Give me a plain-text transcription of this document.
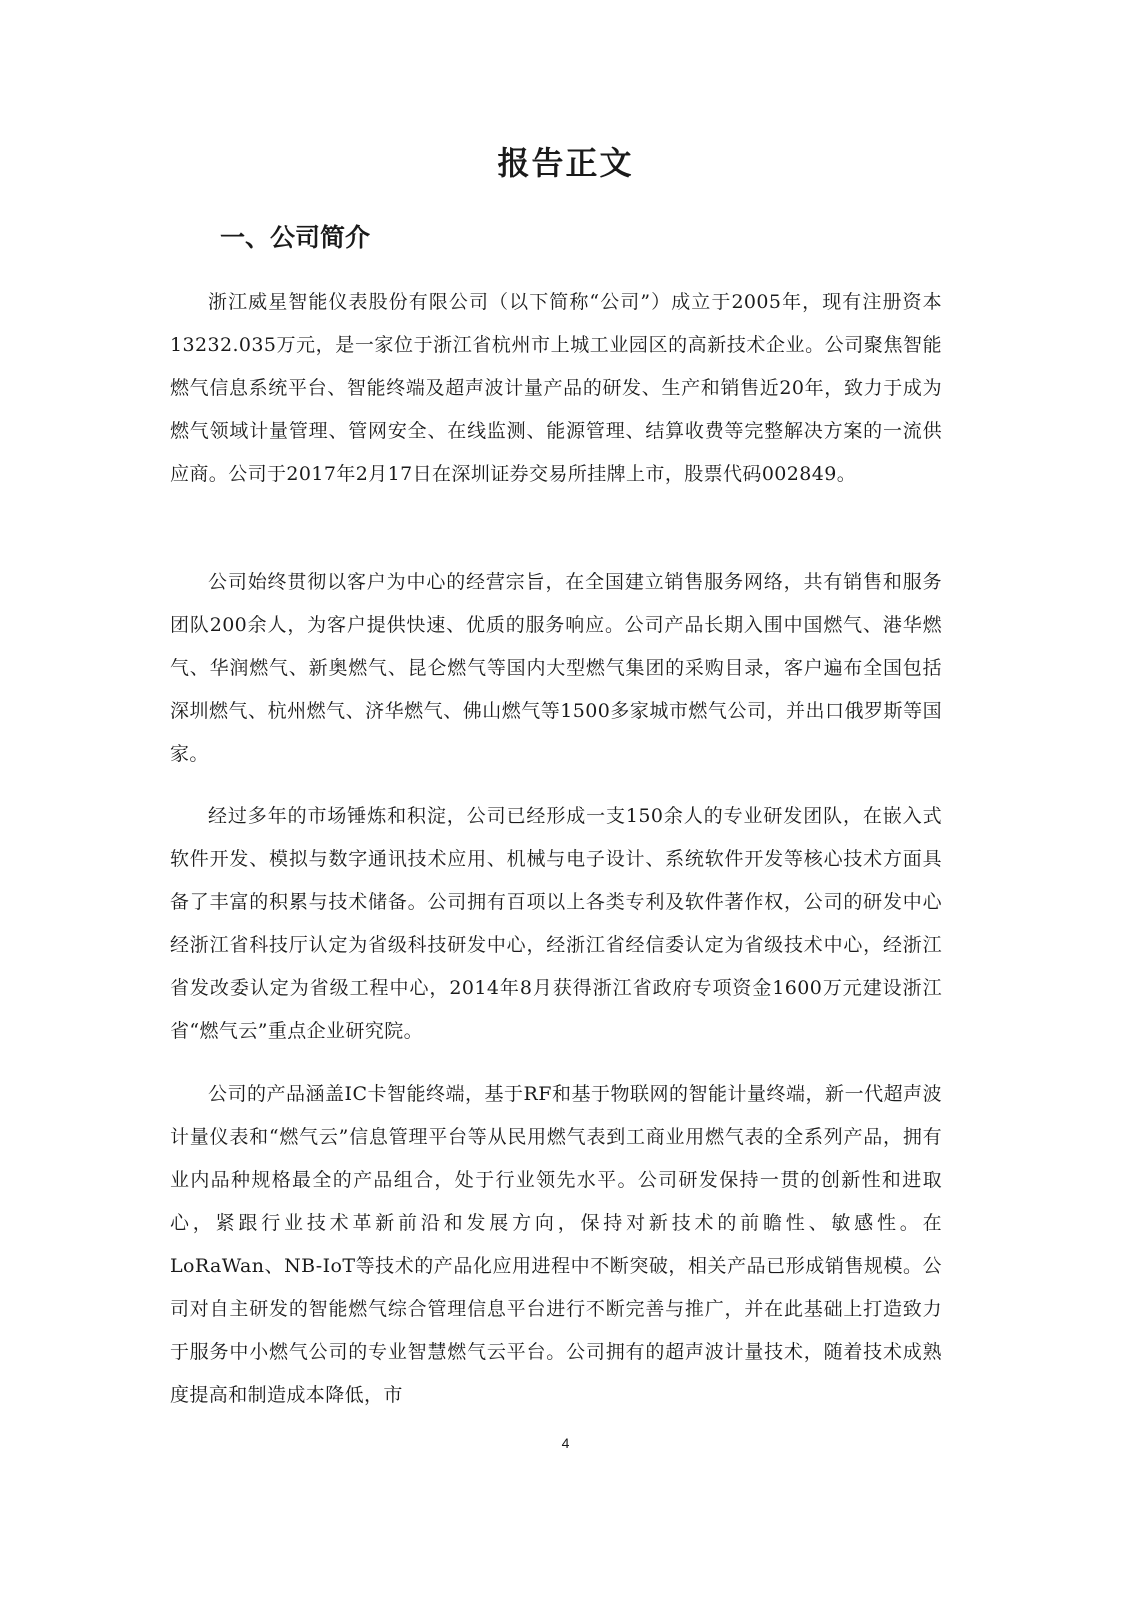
报告正文
一、公司简介

浙江威星智能仪表股份有限公司（以下简称“公司”）成立于2005年，现有注册资本13232.035万元，是一家位于浙江省杭州市上城工业园区的高新技术企业。公司聚焦智能燃气信息系统平台、智能终端及超声波计量产品的研发、生产和销售近20年，致力于成为燃气领域计量管理、管网安全、在线监测、能源管理、结算收费等完整解决方案的一流供应商。公司于2017年2月17日在深圳证券交易所挂牌上市，股票代码002849。

公司始终贯彻以客户为中心的经营宗旨，在全国建立销售服务网络，共有销售和服务团队200余人，为客户提供快速、优质的服务响应。公司产品长期入围中国燃气、港华燃气、华润燃气、新奥燃气、昆仑燃气等国内大型燃气集团的采购目录，客户遍布全国包括深圳燃气、杭州燃气、济华燃气、佛山燃气等1500多家城市燃气公司，并出口俄罗斯等国家。

经过多年的市场锤炼和积淀，公司已经形成一支150余人的专业研发团队，在嵌入式软件开发、模拟与数字通讯技术应用、机械与电子设计、系统软件开发等核心技术方面具备了丰富的积累与技术储备。公司拥有百项以上各类专利及软件著作权，公司的研发中心经浙江省科技厅认定为省级科技研发中心，经浙江省经信委认定为省级技术中心，经浙江省发改委认定为省级工程中心，2014年8月获得浙江省政府专项资金1600万元建设浙江省“燃气云”重点企业研究院。

公司的产品涵盖IC卡智能终端，基于RF和基于物联网的智能计量终端，新一代超声波计量仪表和“燃气云”信息管理平台等从民用燃气表到工商业用燃气表的全系列产品，拥有业内品种规格最全的产品组合，处于行业领先水平。公司研发保持一贯的创新性和进取心，紧跟行业技术革新前沿和发展方向，保持对新技术的前瞻性、敏感性。在LoRaWan、NB-IoT等技术的产品化应用进程中不断突破，相关产品已形成销售规模。公司对自主研发的智能燃气综合管理信息平台进行不断完善与推广，并在此基础上打造致力于服务中小燃气公司的专业智慧燃气云平台。公司拥有的超声波计量技术，随着技术成熟度提高和制造成本降低，市

4
